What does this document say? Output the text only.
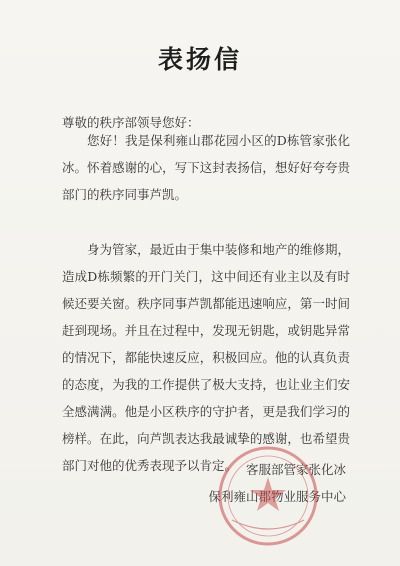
表扬信
尊敬的秩序部领导您好：

您好！我是保利雍山郡花园小区的D栋管家张化冰。怀着感谢的心，写下这封表扬信，想好好夸夸贵部门的秩序同事芦凯。

身为管家，最近由于集中装修和地产的维修期，造成D栋频繁的开门关门，这中间还有业主以及有时候还要关窗。秩序同事芦凯都能迅速响应，第一时间赶到现场。并且在过程中，发现无钥匙，或钥匙异常的情况下，都能快速反应，积极回应。他的认真负责的态度，为我的工作提供了极大支持，也让业主们安全感满满。他是小区秩序的守护者，更是我们学习的榜样。在此，向芦凯表达我最诚挚的感谢，也希望贵部门对他的优秀表现予以肯定。 客服部管家张化冰
保利雍山郡物业服务中心
